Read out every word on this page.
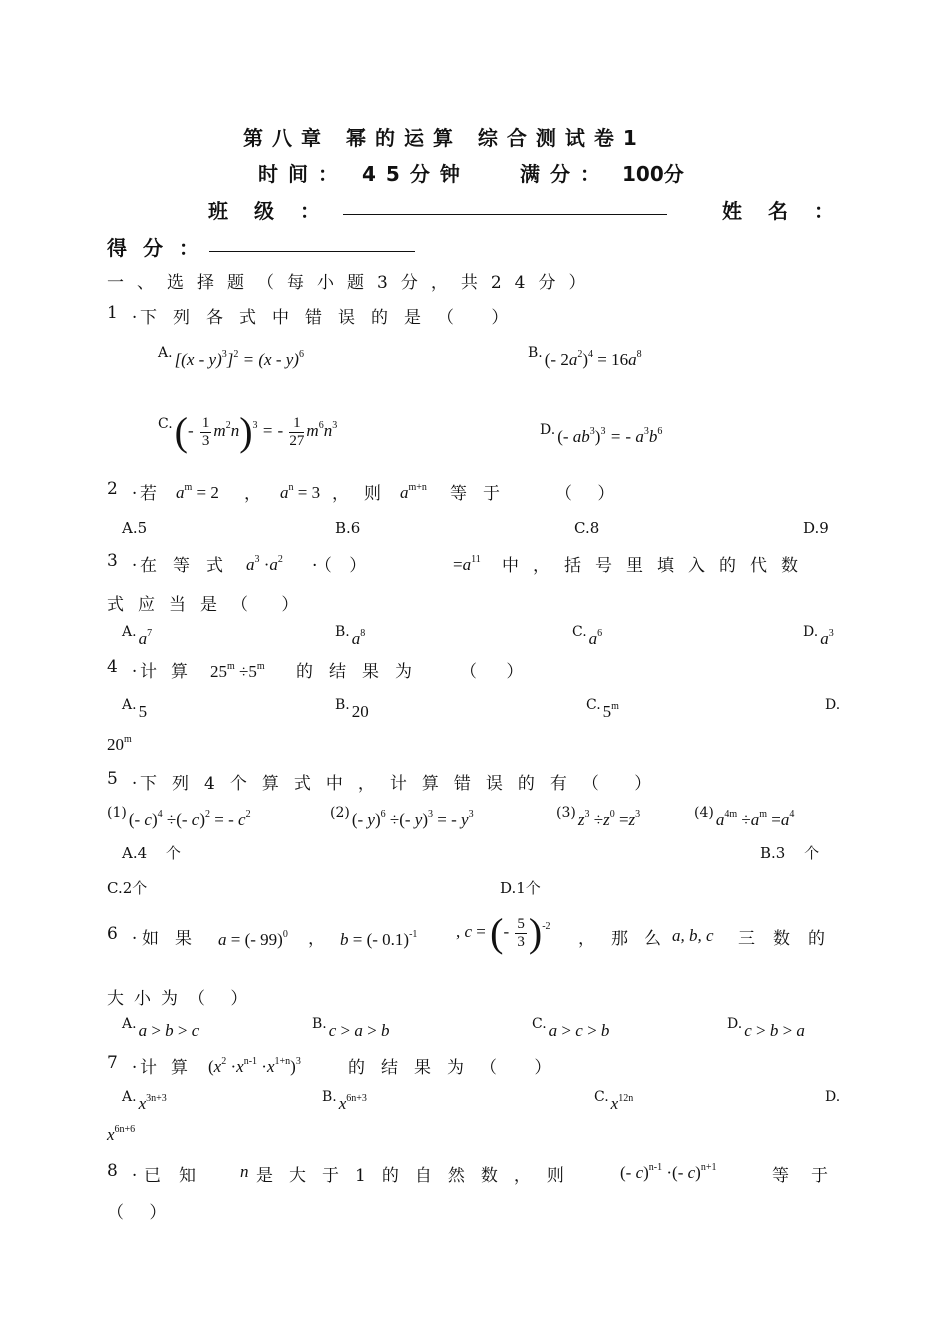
第八章 幂的运算 综合测试卷1
时间： 45分钟	满分： 100分
班级：	姓名：
得分：
一、选择题（每小题3分，共24分）
1.
下列各式中错误的是（ ）
A. [(x - y)$^3$]$^2$ = (x - y)$^6$	B. (- $2a^2)^4 = 16a^8$
$C.(- \frac{1}{3} m^2n)^3$ = - $\frac{1}{27} m^6n^3$	D. (- $ab^3)^3$ = - $a^3b^6$
2.
若 $a^m = 2$ ， $a^n = 3$ ， 则 $a^{m+n}$ 等于 （ ）
A.5	B.6	C.8	D.9
3.
在等式 $a^3 \cdot a^2$ ·（ ）	$=a^{11}$ 中，括号里填入的代数
式应当是（ ）
A. $a^7$	B. $a^8$	C. $a^6$	D. $a^3$
4.
计算 $25^m \div 5^m$ 的结果为 （ ）
A. 5	B. 20	C. 5$^m$	D.
20$^m$
5.
下列4个算式中，计算错误的有（ ）
(1) (- c)$^4$ ÷(- c)$^2$ = - $c^2$	(2) (- y)$^6$ ÷(- y)$^3$ = - $y^3$	(3) $z^3 \div z^0 =z^3$	(4) $a^{4m} \div a^m =a^4$
A.4 个	B.3 个
C.2个	D.1个
6.
如果 a = (- 99)$^0$ ， b = (- 0.1)$^{-1}$ , c = (- $\frac{5}{3} )^{-2}$
，那么
a, b, c 三数的
大小为（ ）
A. a > b > c	B. c > a > b	C. a > c > b	D. c > b > a
7.
计算 $(x^2 \cdot x^{n-1} \cdot x^{1+n})^3$	的结果为（ ）
A. $x^{3n+3}$	B. $x^{6n+3}$	C. $x^{12n}$	D.
$x^{6n+6}$
8.
已知 n 是大于1的自然数，则 (- c)$^{n-1}$ ·(- c)$^{n+1}$	等于
（ ）
